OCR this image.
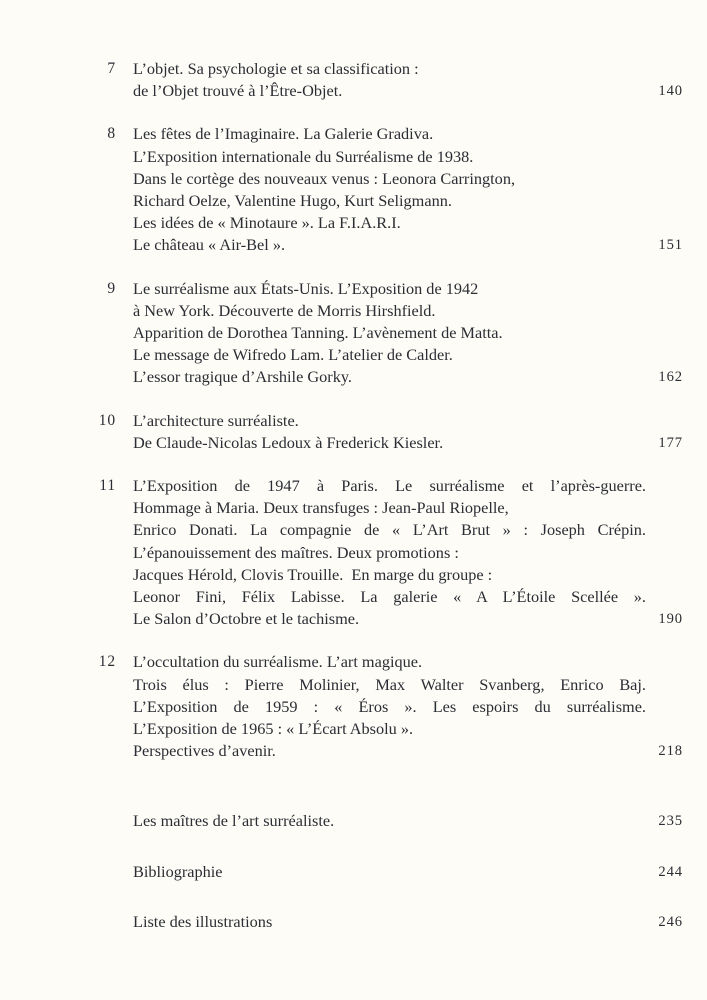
7 L’objet. Sa psychologie et sa classification :
de l’Objet trouvé à l’Être-Objet.	140
8 Les fêtes de l’Imaginaire. La Galerie Gradiva.
L’Exposition internationale du Surréalisme de 1938.
Dans le cortège des nouveaux venus : Leonora Carrington,
Richard Oelze, Valentine Hugo, Kurt Seligmann.
Les idées de « Minotaure ». La F.I.A.R.I.
Le château « Air-Bel ».	151
9 Le surréalisme aux États-Unis. L’Exposition de 1942
à New York. Découverte de Morris Hirshfield.
Apparition de Dorothea Tanning. L’avènement de Matta.
Le message de Wifredo Lam. L’atelier de Calder.
L’essor tragique d’Arshile Gorky.	162
10 L’architecture surréaliste.
De Claude-Nicolas Ledoux à Frederick Kiesler.	177
11 L’Exposition de 1947 à Paris. Le surréalisme et l’après-guerre.
Hommage à Maria. Deux transfuges : Jean-Paul Riopelle,
Enrico Donati. La compagnie de « L’Art Brut » : Joseph Crépin.
L’épanouissement des maîtres. Deux promotions :
Jacques Hérold, Clovis Trouille.  En marge du groupe :
Leonor Fini, Félix Labisse. La galerie « A L’Étoile Scellée ».
Le Salon d’Octobre et le tachisme.	190
12 L’occultation du surréalisme. L’art magique.
Trois élus : Pierre Molinier, Max Walter Svanberg, Enrico Baj.
L’Exposition de 1959 : « Éros ». Les espoirs du surréalisme.
L’Exposition de 1965 : « L’Écart Absolu ».
Perspectives d’avenir.	218
Les maîtres de l’art surréaliste.	235
Bibliographie	244
Liste des illustrations	246
